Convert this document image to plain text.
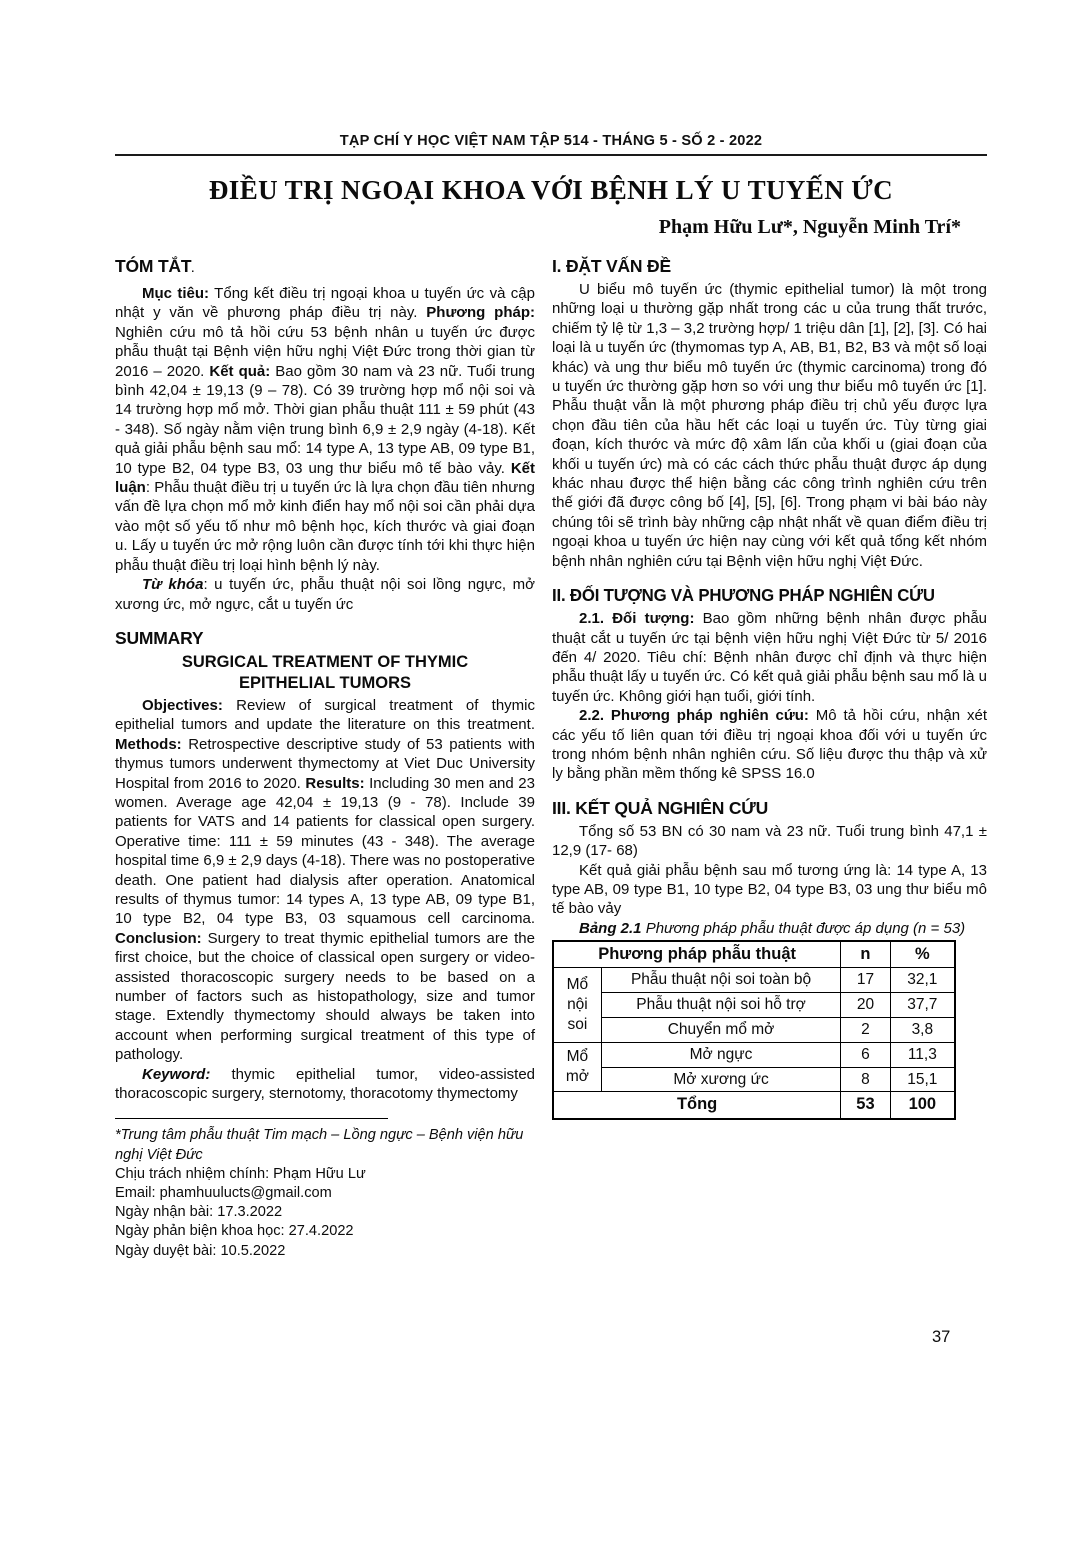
TẠP CHÍ Y HỌC VIỆT NAM TẬP 514 - THÁNG 5 - SỐ 2 - 2022
ĐIỀU TRỊ NGOẠI KHOA VỚI BỆNH LÝ U TUYẾN ỨC
Phạm Hữu Lư*, Nguyễn Minh Trí*
TÓM TẮT.

Mục tiêu: Tổng kết điều trị ngoại khoa u tuyến ức và cập nhật y văn về phương pháp điều trị này. Phương pháp: Nghiên cứu mô tả hồi cứu 53 bệnh nhân u tuyến ức được phẫu thuật tại Bệnh viện hữu nghị Việt Đức trong thời gian từ 2016 – 2020. Kết quả: Bao gồm 30 nam và 23 nữ. Tuổi trung bình 42,04 ± 19,13 (9 – 78). Có 39 trường hợp mổ nội soi và 14 trường hợp mổ mở. Thời gian phẫu thuật 111 ± 59 phút (43 - 348). Số ngày nằm viện trung bình 6,9 ± 2,9 ngày (4-18). Kết quả giải phẫu bệnh sau mổ: 14 type A, 13 type AB, 09 type B1, 10 type B2, 04 type B3, 03 ung thư biểu mô tế bào vảy. Kết luận: Phẫu thuật điều trị u tuyến ức là lựa chọn đầu tiên nhưng vấn đề lựa chọn mổ mở kinh điển hay mổ nội soi cần phải dựa vào một số yếu tố như mô bệnh học, kích thước và giai đoạn u. Lấy u tuyến ức mở rộng luôn cần được tính tới khi thực hiện phẫu thuật điều trị loại hình bệnh lý này.

Từ khóa: u tuyến ức, phẫu thuật nội soi lồng ngực, mở xương ức, mở ngực, cắt u tuyến ức

SUMMARY
SURGICAL TREATMENT OF THYMIC EPITHELIAL TUMORS

Objectives: Review of surgical treatment of thymic epithelial tumors and update the literature on this treatment. Methods: Retrospective descriptive study of 53 patients with thymus tumors underwent thymectomy at Viet Duc University Hospital from 2016 to 2020. Results: Including 30 men and 23 women. Average age 42,04 ± 19,13 (9 - 78). Include 39 patients for VATS and 14 patients for classical open surgery. Operative time: 111 ± 59 minutes (43 - 348). The average hospital time 6,9 ± 2,9 days (4-18). There was no postoperative death. One patient had dialysis after operation. Anatomical results of thymus tumor: 14 types A, 13 type AB, 09 type B1, 10 type B2, 04 type B3, 03 squamous cell carcinoma. Conclusion: Surgery to treat thymic epithelial tumors are the first choice, but the choice of classical open surgery or video-assisted thoracoscopic surgery needs to be based on a number of factors such as histopathology, size and tumor stage. Extendly thymectomy should always be taken into account when performing surgical treatment of this type of pathology.

Keyword: thymic epithelial tumor, video-assisted thoracoscopic surgery, sternotomy, thoracotomy thymectomy

*Trung tâm phẫu thuật Tim mạch – Lồng ngực – Bệnh viện hữu nghị Việt Đức
Chịu trách nhiệm chính: Phạm Hữu Lư
Email: phamhuulucts@gmail.com
Ngày nhận bài: 17.3.2022
Ngày phản biện khoa học: 27.4.2022
Ngày duyệt bài: 10.5.2022
I. ĐẶT VẤN ĐỀ

U biểu mô tuyến ức (thymic epithelial tumor) là một trong những loại u thường gặp nhất trong các u của trung thất trước, chiếm tỷ lệ từ 1,3 – 3,2 trường hợp/ 1 triệu dân [1], [2], [3]. Có hai loại là u tuyến ức (thymomas typ A, AB, B1, B2, B3 và một số loại khác) và ung thư biểu mô tuyến ức (thymic carcinoma) trong đó u tuyến ức thường gặp hơn so với ung thư biểu mô tuyến ức [1]. Phẫu thuật vẫn là một phương pháp điều trị chủ yếu được lựa chọn đầu tiên của hầu hết các loại u tuyến ức. Tùy từng giai đoạn, kích thước và mức độ xâm lấn của khối u (giai đoạn của khối u tuyến ức) mà có các cách thức phẫu thuật được áp dụng khác nhau được thể hiện bằng các công trình nghiên cứu trên thế giới đã được công bố [4], [5], [6]. Trong phạm vi bài báo này chúng tôi sẽ trình bày những cập nhật nhất về quan điểm điều trị ngoại khoa u tuyến ức hiện nay cùng với kết quả tổng kết nhóm bệnh nhân nghiên cứu tại Bệnh viện hữu nghị Việt Đức.

II. ĐỐI TƯỢNG VÀ PHƯƠNG PHÁP NGHIÊN CỨU

2.1. Đối tượng: Bao gồm những bệnh nhân được phẫu thuật cắt u tuyến ức tại bệnh viện hữu nghị Việt Đức từ 5/ 2016 đến 4/ 2020. Tiêu chí: Bệnh nhân được chỉ định và thực hiện phẫu thuật lấy u tuyến ức. Có kết quả giải phẫu bệnh sau mổ là u tuyến ức. Không giới hạn tuổi, giới tính.

2.2. Phương pháp nghiên cứu: Mô tả hồi cứu, nhận xét các yếu tố liên quan tới điều trị ngoại khoa đối với u tuyến ức trong nhóm bệnh nhân nghiên cứu. Số liệu được thu thập và xử ly bằng phần mềm thống kê SPSS 16.0

III. KẾT QUẢ NGHIÊN CỨU

Tổng số 53 BN có 30 nam và 23 nữ. Tuổi trung bình 47,1 ± 12,9 (17- 68)

Kết quả giải phẫu bệnh sau mổ tương ứng là: 14 type A, 13 type AB, 09 type B1, 10 type B2, 04 type B3, 03 ung thư biểu mô tế bào vảy

Bảng 2.1 Phương pháp phẫu thuật được áp dụng (n = 53)

Phương pháp phẫu thuật		n	%
Mổ nội soi	Phẫu thuật nội soi toàn bộ	17	32,1
	Phẫu thuật nội soi hỗ trợ	20	37,7
	Chuyển mổ mở	2	3,8
Mổ mở	Mở ngực	6	11,3
	Mở xương ức	8	15,1
Tổng		53	100
37
